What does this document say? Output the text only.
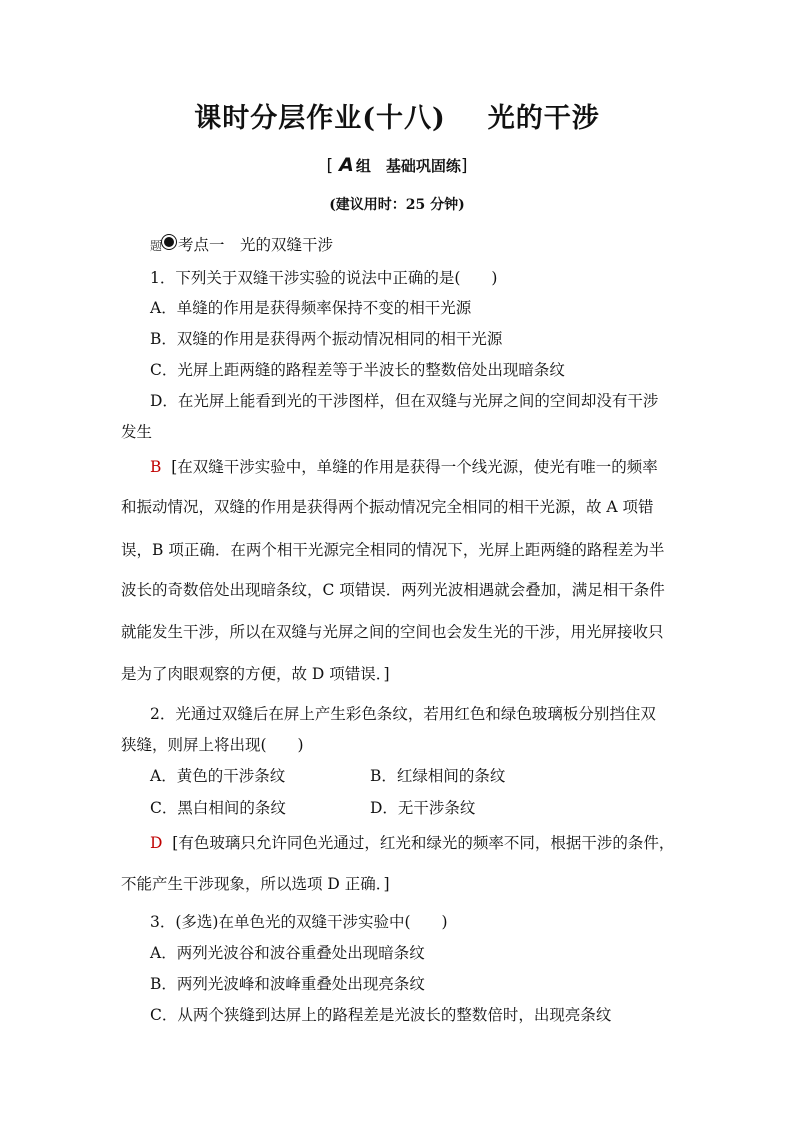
课时分层作业(十八) 光的干涉
[ A 组　基础巩固练]
(建议用时：25 分钟)
题 考点一　光的双缝干涉
1．下列关于双缝干涉实验的说法中正确的是(　　)
A．单缝的作用是获得频率保持不变的相干光源
B．双缝的作用是获得两个振动情况相同的相干光源
C．光屏上距两缝的路程差等于半波长的整数倍处出现暗条纹
D．在光屏上能看到光的干涉图样，但在双缝与光屏之间的空间却没有干涉
发生
B [在双缝干涉实验中，单缝的作用是获得一个线光源，使光有唯一的频率
和振动情况，双缝的作用是获得两个振动情况完全相同的相干光源，故 A 项错
误，B 项正确．在两个相干光源完全相同的情况下，光屏上距两缝的路程差为半
波长的奇数倍处出现暗条纹，C 项错误．两列光波相遇就会叠加，满足相干条件
就能发生干涉，所以在双缝与光屏之间的空间也会发生光的干涉，用光屏接收只
是为了肉眼观察的方便，故 D 项错误．]
2．光通过双缝后在屏上产生彩色条纹，若用红色和绿色玻璃板分别挡住双
狭缝，则屏上将出现(　　)
A．黄色的干涉条纹	B．红绿相间的条纹
C．黑白相间的条纹	D．无干涉条纹
D [有色玻璃只允许同色光通过，红光和绿光的频率不同，根据干涉的条件，
不能产生干涉现象，所以选项 D 正确．]
3．(多选)在单色光的双缝干涉实验中(　　)
A．两列光波谷和波谷重叠处出现暗条纹
B．两列光波峰和波峰重叠处出现亮条纹
C．从两个狭缝到达屏上的路程差是光波长的整数倍时，出现亮条纹
